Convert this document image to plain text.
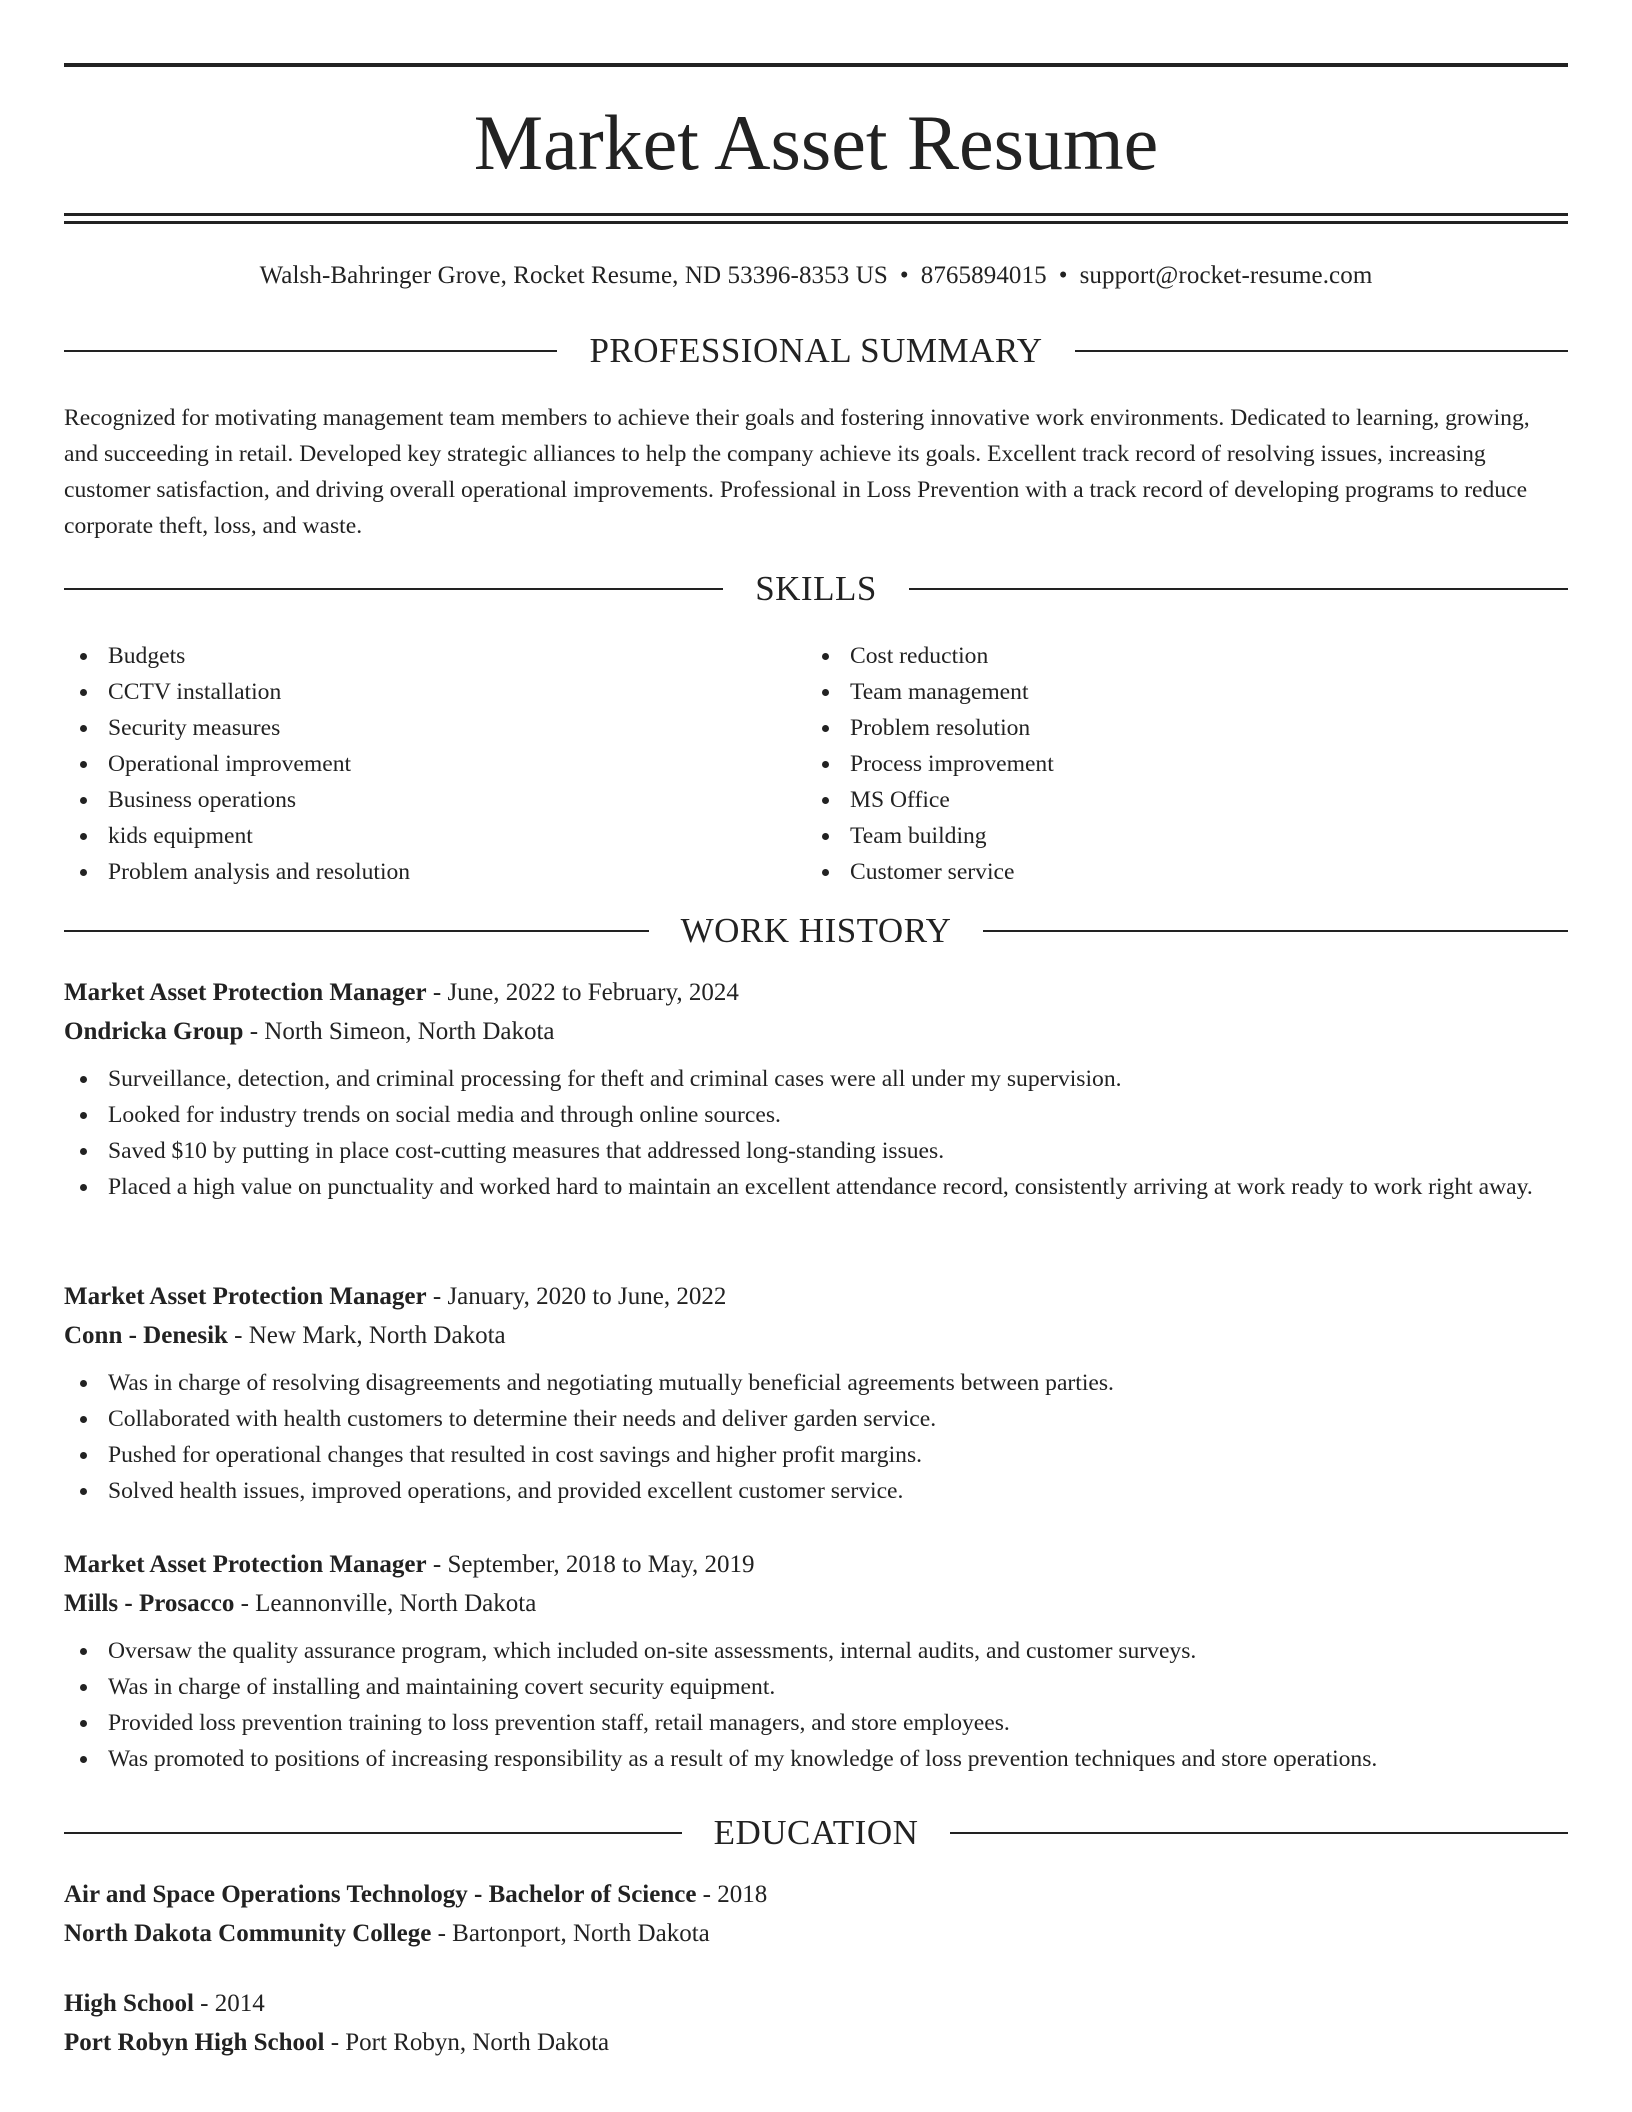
Market Asset Resume
Walsh-Bahringer Grove, Rocket Resume, ND 53396-8353 US • 8765894015 • support@rocket-resume.com
PROFESSIONAL SUMMARY
Recognized for motivating management team members to achieve their goals and fostering innovative work environments. Dedicated to learning, growing, and succeeding in retail. Developed key strategic alliances to help the company achieve its goals. Excellent track record of resolving issues, increasing customer satisfaction, and driving overall operational improvements. Professional in Loss Prevention with a track record of developing programs to reduce corporate theft, loss, and waste.
SKILLS
Budgets
CCTV installation
Security measures
Operational improvement
Business operations
kids equipment
Problem analysis and resolution
Cost reduction
Team management
Problem resolution
Process improvement
MS Office
Team building
Customer service
WORK HISTORY
Market Asset Protection Manager - June, 2022 to February, 2024
Ondricka Group - North Simeon, North Dakota
Surveillance, detection, and criminal processing for theft and criminal cases were all under my supervision.
Looked for industry trends on social media and through online sources.
Saved $10 by putting in place cost-cutting measures that addressed long-standing issues.
Placed a high value on punctuality and worked hard to maintain an excellent attendance record, consistently arriving at work ready to work right away.
Market Asset Protection Manager - January, 2020 to June, 2022
Conn - Denesik - New Mark, North Dakota
Was in charge of resolving disagreements and negotiating mutually beneficial agreements between parties.
Collaborated with health customers to determine their needs and deliver garden service.
Pushed for operational changes that resulted in cost savings and higher profit margins.
Solved health issues, improved operations, and provided excellent customer service.
Market Asset Protection Manager - September, 2018 to May, 2019
Mills - Prosacco - Leannonville, North Dakota
Oversaw the quality assurance program, which included on-site assessments, internal audits, and customer surveys.
Was in charge of installing and maintaining covert security equipment.
Provided loss prevention training to loss prevention staff, retail managers, and store employees.
Was promoted to positions of increasing responsibility as a result of my knowledge of loss prevention techniques and store operations.
EDUCATION
Air and Space Operations Technology - Bachelor of Science - 2018
North Dakota Community College - Bartonport, North Dakota
High School - 2014
Port Robyn High School - Port Robyn, North Dakota
